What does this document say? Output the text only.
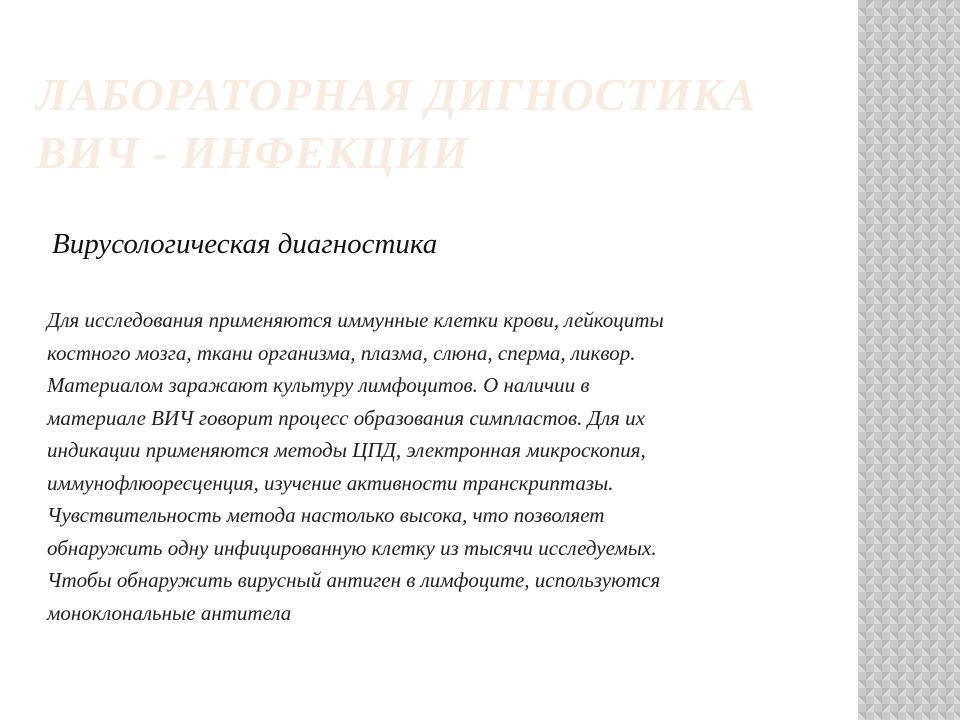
ЛАБОРАТОРНАЯ ДИГНОСТИКА
ВИЧ - ИНФЕКЦИИ
Вирусологическая диагностика

Для исследования применяются иммунные клетки крови, лейкоциты
костного мозга, ткани организма, плазма, слюна, сперма, ликвор.
Материалом заражают культуру лимфоцитов. О наличии в
материале ВИЧ говорит процесс образования симпластов. Для их
индикации применяются методы ЦПД, электронная микроскопия,
иммунофлюоресценция, изучение активности транскриптазы.
Чувствительность метода настолько высока, что позволяет
обнаружить одну инфицированную клетку из тысячи исследуемых.
Чтобы обнаружить вирусный антиген в лимфоците, используются
моноклональные антитела
